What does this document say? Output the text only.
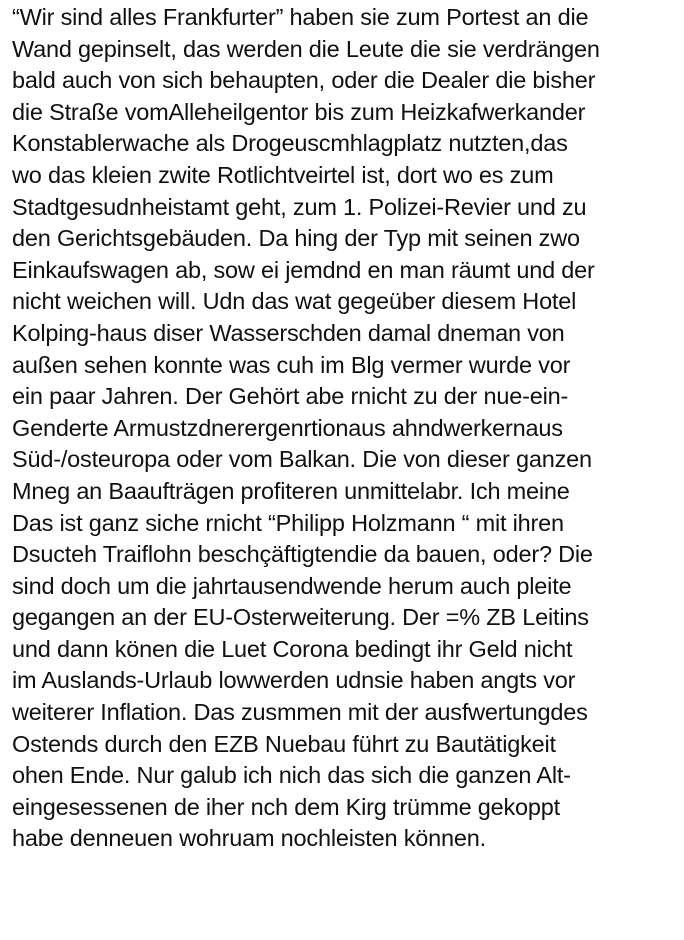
“Wir sind alles Frankfurter” haben sie zum Portest an die
Wand gepinselt, das werden die Leute die sie verdrängen
bald auch von sich behaupten, oder die Dealer die bisher
die Straße vomAlleheilgentor bis zum Heizkafwerkander
Konstablerwache als Drogeuscmhlagplatz nutzten,das
wo das kleien zwite Rotlichtveirtel ist, dort wo es zum
Stadtgesudnheistamt geht, zum 1. Polizei-Revier und zu
den Gerichtsgebäuden. Da hing der Typ mit seinen zwo
Einkaufswagen ab, sow ei jemdnd en man räumt und der
nicht weichen will. Udn das wat gegeüber diesem Hotel
Kolping-haus diser Wasserschden damal dneman von
außen sehen konnte was cuh im Blg vermer wurde vor
ein paar Jahren. Der Gehört abe rnicht zu der nue-ein-
Genderte Armustzdnerergenrtionaus ahndwerkernaus
Süd-/osteuropa oder vom Balkan. Die von dieser ganzen
Mneg an Baaufträgen profiteren unmittelabr. Ich meine
Das ist ganz siche rnicht “Philipp Holzmann “ mit ihren
Dsucteh Traiflohn beschçäftigtendie da bauen, oder? Die
sind doch um die jahrtausendwende herum auch pleite
gegangen an der EU-Osterweiterung. Der =% ZB Leitins
und dann könen die Luet Corona bedingt ihr Geld nicht
im Auslands-Urlaub lowwerden udnsie haben angts vor
weiterer Inflation. Das zusmmen mit der ausfwertungdes
Ostends durch den EZB Nuebau führt zu Bautätigkeit
ohen Ende. Nur galub ich nich das sich die ganzen Alt-
eingesessenen de iher nch dem Kirg trümme gekoppt
habe denneuen wohruam nochleisten können.
